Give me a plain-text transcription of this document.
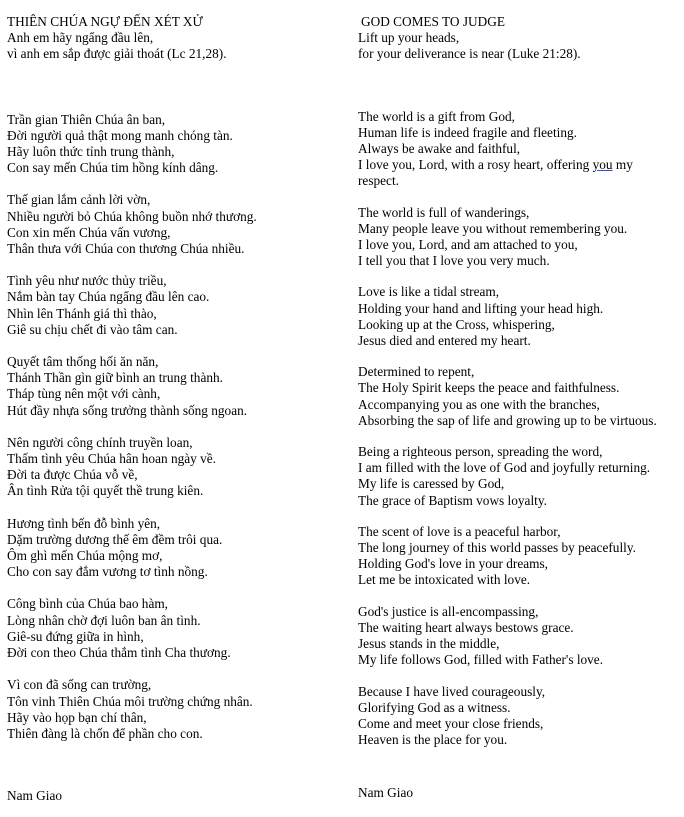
THIÊN CHÚA NGỰ ĐẾN XÉT XỬ
Anh em hãy ngẩng đầu lên,
vì anh em sắp được giải thoát (Lc 21,28).
Trần gian Thiên Chúa ân ban,
Đời người quả thật mong manh chóng tàn.
Hãy luôn thức tỉnh trung thành,
Con say mến Chúa tim hồng kính dâng.
Thế gian lắm cảnh lời vờn,
Nhiều người bỏ Chúa không buồn nhớ thương.
Con xin mến Chúa vấn vương,
Thân thưa với Chúa con thương Chúa nhiều.
Tình yêu như nước thủy triều,
Nắm bàn tay Chúa ngẩng đầu lên cao.
Nhìn lên Thánh giá thì thào,
Giê su chịu chết đi vào tâm can.
Quyết tâm thống hối ăn năn,
Thánh Thần gìn giữ bình an trung thành.
Tháp tùng nên một với cành,
Hút đầy nhựa sống trưởng thành sống ngoan.
Nên người công chính truyền loan,
Thấm tình yêu Chúa hân hoan ngày về.
Đời ta được Chúa vỗ về,
Ân tình Rửa tội quyết thề trung kiên.
Hương tình bến đỗ bình yên,
Dặm trường dương thế êm đềm trôi qua.
Ôm ghì mến Chúa mộng mơ,
Cho con say đắm vương tơ tình nồng.
Công bình của Chúa bao hàm,
Lòng nhân chờ đợi luôn ban ân tình.
Giê-su đứng giữa in hình,
Đời con theo Chúa thắm tình Cha thương.
Vì con đã sống can trường,
Tôn vinh Thiên Chúa môi trường chứng nhân.
Hãy vào họp bạn chí thân,
Thiên đàng là chốn để phần cho con.
GOD COMES TO JUDGE
Lift up your heads,
for your deliverance is near (Luke 21:28).
The world is a gift from God,
Human life is indeed fragile and fleeting.
Always be awake and faithful,
I love you, Lord, with a rosy heart, offering you my
respect.
The world is full of wanderings,
Many people leave you without remembering you.
I love you, Lord, and am attached to you,
I tell you that I love you very much.
Love is like a tidal stream,
Holding your hand and lifting your head high.
Looking up at the Cross, whispering,
Jesus died and entered my heart.
Determined to repent,
The Holy Spirit keeps the peace and faithfulness.
Accompanying you as one with the branches,
Absorbing the sap of life and growing up to be virtuous.
Being a righteous person, spreading the word,
I am filled with the love of God and joyfully returning.
My life is caressed by God,
The grace of Baptism vows loyalty.
The scent of love is a peaceful harbor,
The long journey of this world passes by peacefully.
Holding God's love in your dreams,
Let me be intoxicated with love.
God's justice is all-encompassing,
The waiting heart always bestows grace.
Jesus stands in the middle,
My life follows God, filled with Father's love.
Because I have lived courageously,
Glorifying God as a witness.
Come and meet your close friends,
Heaven is the place for you.
Nam Giao	Nam Giao
